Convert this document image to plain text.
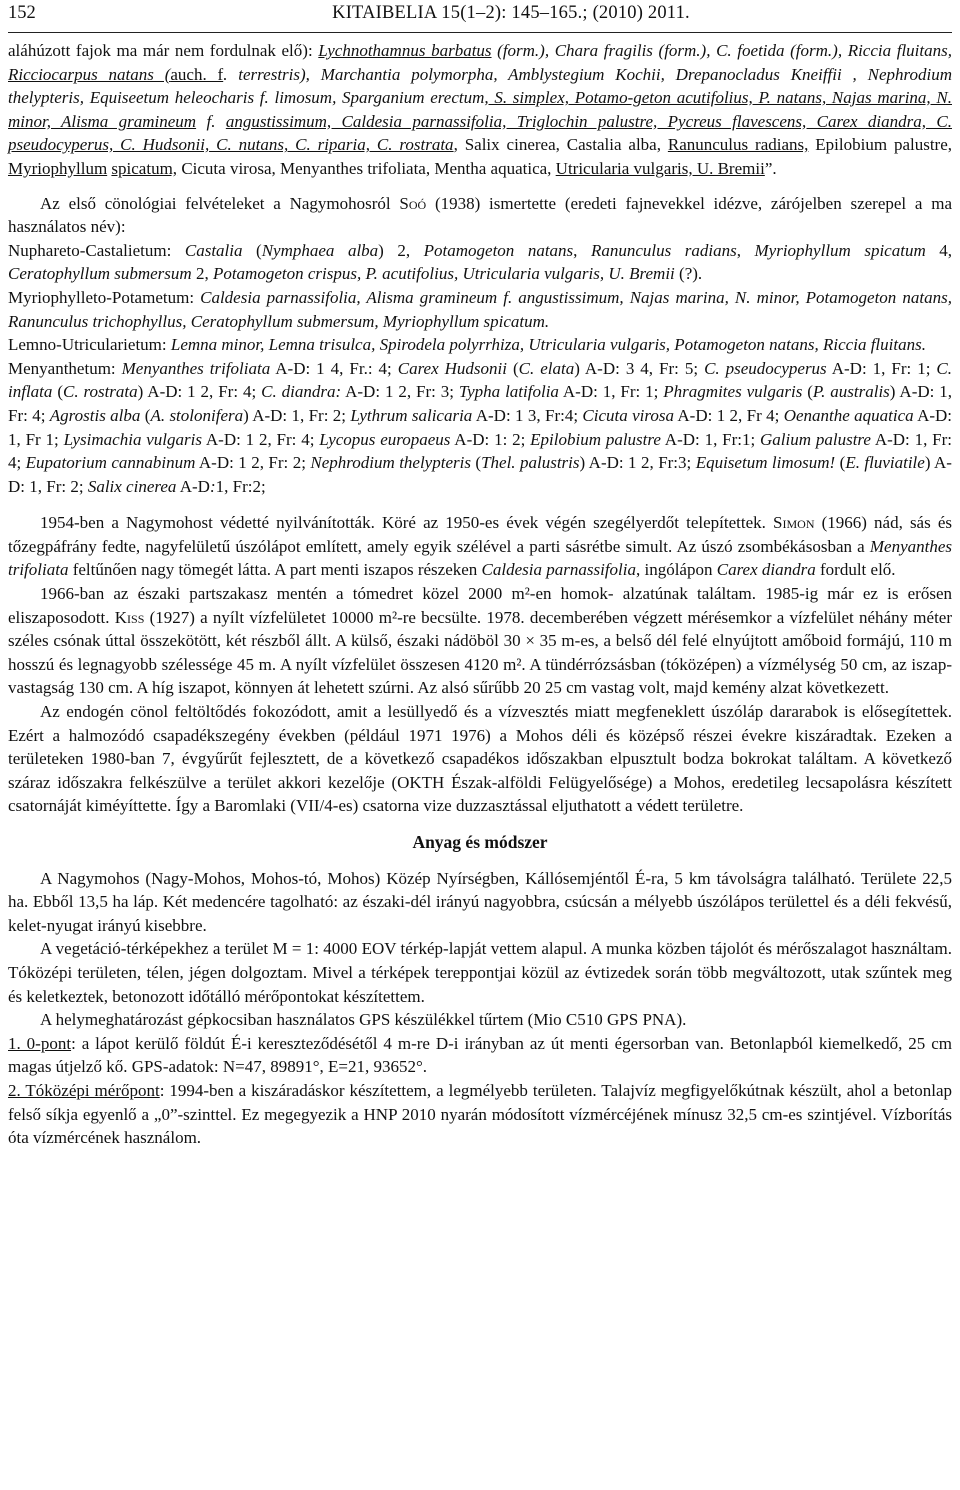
152	KITAIBELIA 15(1–2): 145–165.; (2010) 2011.

aláhúzott fajok ma már nem fordulnak elő): Lychnothamnus barbatus (form.), Chara fragilis (form.), C. foetida (form.), Riccia fluitans, Ricciocarpus natans (auch. f. terrestris), Marchantia polymorpha, Amblystegium Kochii, Drepanocladus Kneiffii , Nephrodium thelypteris, Equiseetum heleocharis f. limosum, Sparganium erectum, S. simplex, Potamo-geton acutifolius, P. natans, Najas marina, N. minor, Alisma gramineum f. angustissimum, Caldesia parnassifolia, Triglochin palustre, Pycreus flavescens, Carex diandra, C. pseudocyperus, C. Hudsonii, C. nutans, C. riparia, C. rostrata, Salix cinerea, Castalia alba, Ranunculus radians, Epilobium palustre, Myriophyllum spicatum, Cicuta virosa, Menyanthes trifoliata, Mentha aquatica, Utricularia vulgaris, U. Bremii”.

Az első cönológiai felvételeket a Nagymohosról Soó (1938) ismertette (eredeti fajnevekkel idézve, zárójelben szerepel a ma használatos név):

Nuphareto-Castalietum: Castalia (Nymphaea alba) 2, Potamogeton natans, Ranunculus radians, Myriophyllum spicatum 4, Ceratophyllum submersum 2, Potamogeton crispus, P. acutifolius, Utricularia vulgaris, U. Bremii (?).

Myriophylleto-Potametum: Caldesia parnassifolia, Alisma gramineum f. angustissimum, Najas marina, N. minor, Potamogeton natans, Ranunculus trichophyllus, Ceratophyllum submersum, Myriophyllum spicatum.

Lemno-Utricularietum: Lemna minor, Lemna trisulca, Spirodela polyrrhiza, Utricularia vulgaris, Potamogeton natans, Riccia fluitans.

Menyanthetum: Menyanthes trifoliata A-D: 1 4, Fr.: 4; Carex Hudsonii (C. elata) A-D: 3 4, Fr: 5; C. pseudocyperus A-D: 1, Fr: 1; C. inflata (C. rostrata) A-D: 1 2, Fr: 4; C. diandra: A-D: 1 2, Fr: 3; Typha latifolia A-D: 1, Fr: 1; Phragmites vulgaris (P. australis) A-D: 1, Fr: 4; Agrostis alba (A. stolonifera) A-D: 1, Fr: 2; Lythrum salicaria A-D: 1 3, Fr:4; Cicuta virosa A-D: 1 2, Fr 4; Oenanthe aquatica A-D: 1, Fr 1; Lysimachia vulgaris A-D: 1 2, Fr: 4; Lycopus europaeus A-D: 1: 2; Epilobium palustre A-D: 1, Fr:1; Galium palustre A-D: 1, Fr: 4; Eupatorium cannabinum A-D: 1 2, Fr: 2; Nephrodium thelypteris (Thel. palustris) A-D: 1 2, Fr:3; Equisetum limosum! (E. fluviatile) A-D: 1, Fr: 2; Salix cinerea A-D:1, Fr:2;

1954-ben a Nagymohost védetté nyilvánították. Köré az 1950-es évek végén szegélyerdőt telepítettek. Simon (1966) nád, sás és tőzegpáfrány fedte, nagyfelületű úszólápot említett, amely egyik szélével a parti sásrétbe simult. Az úszó zsombékásosban a Menyanthes trifoliata feltűnően nagy tömegét látta. A part menti iszapos részeken Caldesia parnassifolia, ingólápon Carex diandra fordult elő.

1966-ban az északi partszakasz mentén a tómedret közel 2000 m²-en homok- alzatúnak találtam. 1985-ig már ez is erősen eliszaposodott. Kiss (1927) a nyílt vízfelületet 10000 m²-re becsülte. 1978. decemberében végzett mérésemkor a vízfelület néhány méter széles csónak úttal összekötött, két részből állt. A külső, északi nádöböl 30 × 35 m-es, a belső dél felé elnyújtott amőboid formájú, 110 m hosszú és legnagyobb szélessége 45 m. A nyílt vízfelület összesen 4120 m². A tündérrózsásban (tóközépen) a vízmélység 50 cm, az iszap-vastagság 130 cm. A híg iszapot, könnyen át lehetett szúrni. Az alsó sűrűbb 20 25 cm vastag volt, majd kemény alzat következett.

Az endogén cönol feltöltődés fokozódott, amit a lesüllyedő és a vízvesztés miatt megfeneklett úszóláp dararabok is elősegítettek. Ezért a halmozódó csapadékszegény években (például 1971 1976) a Mohos déli és középső részei évekre kiszáradtak. Ezeken a területeken 1980-ban 7, évgyűrűt fejlesztett, de a következő csapadékos időszakban elpusztult bodza bokrokat találtam. A következő száraz időszakra felkészülve a terület akkori kezelője (OKTH Észak-alföldi Felügyelősége) a Mohos, eredetileg lecsapolásra készített csatornáját kiméyíttette. Így a Baromlaki (VII/4-es) csatorna vize duzzasztással eljuthatott a védett területre.

Anyag és módszer

A Nagymohos (Nagy-Mohos, Mohos-tó, Mohos) Közép Nyírségben, Kállósemjéntől É-ra, 5 km távolságra található. Területe 22,5 ha. Ebből 13,5 ha láp. Két medencére tagolható: az északi-dél irányú nagyobbra, csúcsán a mélyebb úszólápos területtel és a déli fekvésű, kelet-nyugat irányú kisebbre.

A vegetáció-térképekhez a terület M = 1: 4000 EOV térkép-lapját vettem alapul. A munka közben tájolót és mérőszalagot használtam. Tóközépi területen, télen, jégen dolgoztam. Mivel a térképek tereppontjai közül az évtizedek során több megváltozott, utak szűntek meg és keletkeztek, betonozott időtálló mérőpontokat készítettem.

A helymeghatározást gépkocsiban használatos GPS készülékkel tűrtem (Mio C510 GPS PNA).

1. 0-pont: a lápot kerülő földút É-i kereszteződésétől 4 m-re D-i irányban az út menti égersorban van. Betonlapból kiemelkedő, 25 cm magas útjelző kő. GPS-adatok: N=47, 89891°, E=21, 93652°.

2. Tóközépi mérőpont: 1994-ben a kiszáradáskor készítettem, a legmélyebb területen. Talajvíz megfigyelőkútnak készült, ahol a betonlap felső síkja egyenlő a „0”-szinttel. Ez megegyezik a HNP 2010 nyarán módosított vízmércéjének mínusz 32,5 cm-es szintjével. Vízborítás óta vízmércének használom.
